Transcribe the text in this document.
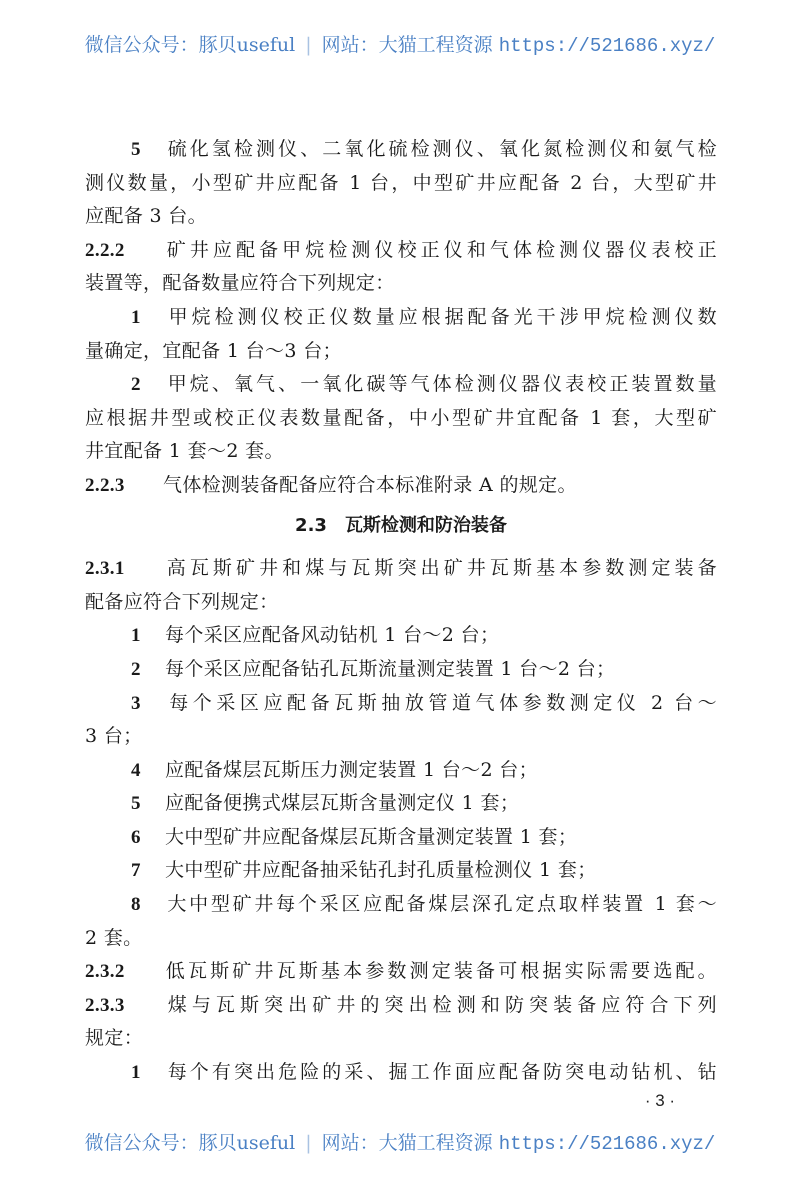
微信公众号：豚贝useful | 网站：大猫工程资源 https://521686.xyz/
5 硫化氢检测仪、二氧化硫检测仪、氧化氮检测仪和氨气检
测仪数量，小型矿井应配备 1 台，中型矿井应配备 2 台，大型矿井
应配备 3 台。
2.2.2 矿井应配备甲烷检测仪校正仪和气体检测仪器仪表校正
装置等，配备数量应符合下列规定：
1 甲烷检测仪校正仪数量应根据配备光干涉甲烷检测仪数
量确定，宜配备 1 台～3 台；
2 甲烷、氧气、一氧化碳等气体检测仪器仪表校正装置数量
应根据井型或校正仪表数量配备，中小型矿井宜配备 1 套，大型矿
井宜配备 1 套～2 套。
2.2.3 气体检测装备配备应符合本标准附录 A 的规定。
2.3 瓦斯检测和防治装备
2.3.1 高瓦斯矿井和煤与瓦斯突出矿井瓦斯基本参数测定装备
配备应符合下列规定：
1 每个采区应配备风动钻机 1 台～2 台；
2 每个采区应配备钻孔瓦斯流量测定装置 1 台～2 台；
3 每个采区应配备瓦斯抽放管道气体参数测定仪 2 台～
3 台；
4 应配备煤层瓦斯压力测定装置 1 台～2 台；
5 应配备便携式煤层瓦斯含量测定仪 1 套；
6 大中型矿井应配备煤层瓦斯含量测定装置 1 套；
7 大中型矿井应配备抽采钻孔封孔质量检测仪 1 套；
8 大中型矿井每个采区应配备煤层深孔定点取样装置 1 套～
2 套。
2.3.2 低瓦斯矿井瓦斯基本参数测定装备可根据实际需要选配。
2.3.3 煤与瓦斯突出矿井的突出检测和防突装备应符合下列
规定：
1 每个有突出危险的采、掘工作面应配备防突电动钻机、钻
· 3 ·
微信公众号：豚贝useful | 网站：大猫工程资源 https://521686.xyz/
